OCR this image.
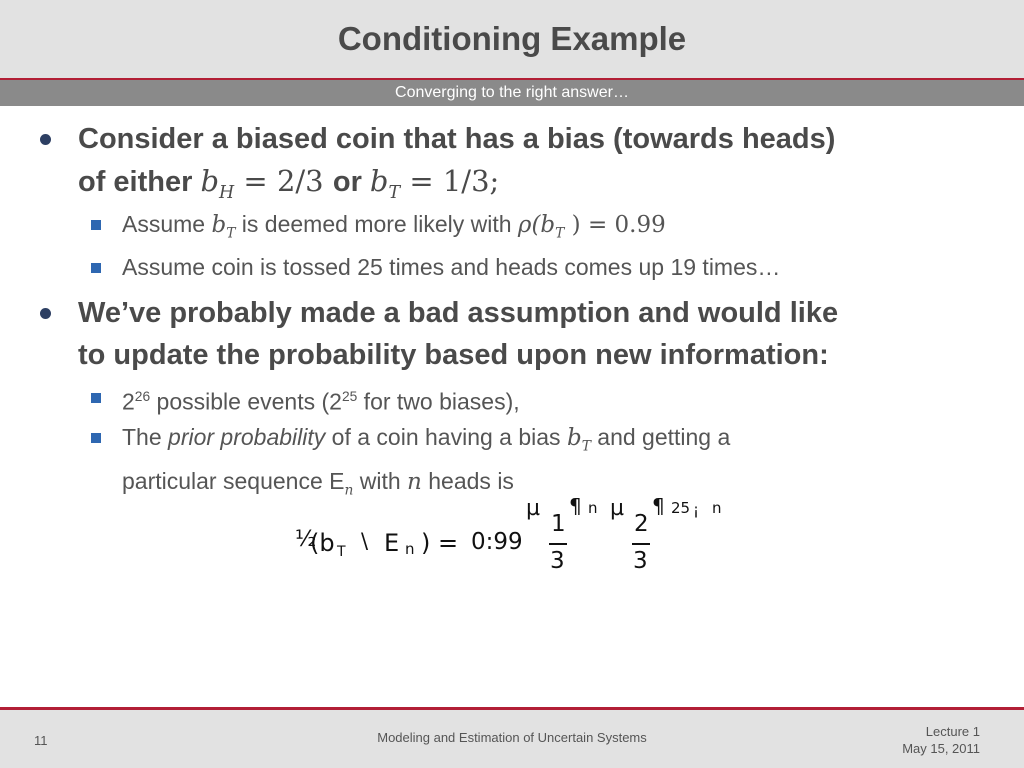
Conditioning Example
Converging to the right answer…
Consider a biased coin that has a bias (towards heads)
of either $b_H = 2/3$ or $b_T = 1/3$;
Assume $b_T$ is deemed more likely with $\rho(b_T$ ) = 0.99
Assume coin is tossed 25 times and heads comes up 19 times…
We’ve probably made a bad assumption and would like
to update the probability based upon new information:
$2^{26}$ possible events ($2^{25}$ for two biases),
The prior probability of a coin having a bias $b_T$ and getting a
particular sequence $E_n$ with n heads is
½
(b T \ E n ) = 0:99
µ
1
3
¶ n µ
2
3
¶ 25 ¡ n
11	Modeling and Estimation of Uncertain Systems	Lecture 1
May 15, 2011
